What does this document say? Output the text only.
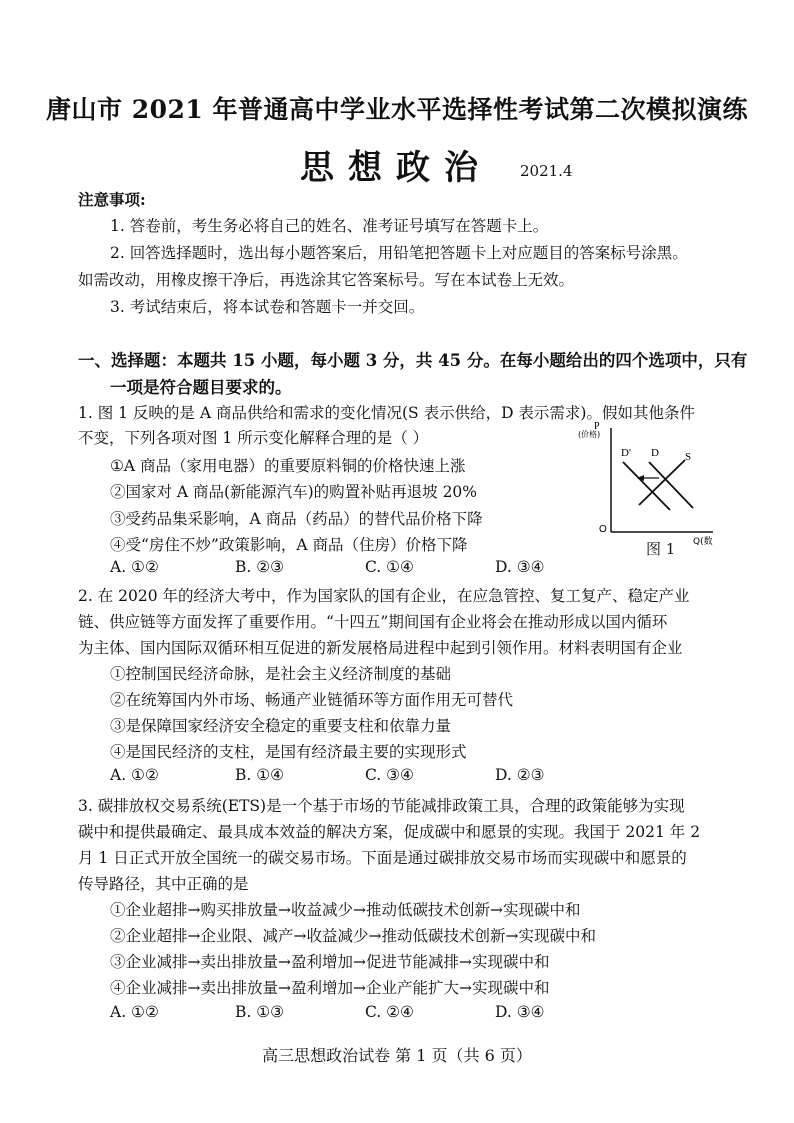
唐山市 2021 年普通高中学业水平选择性考试第二次模拟演练
思想政治 2021.4
注意事项:
1. 答卷前，考生务必将自己的姓名、准考证号填写在答题卡上。
2. 回答选择题时，选出每小题答案后，用铅笔把答题卡上对应题目的答案标号涂黑。
如需改动，用橡皮擦干净后，再选涂其它答案标号。写在本试卷上无效。
3. 考试结束后，将本试卷和答题卡一并交回。
一、选择题：本题共 15 小题，每小题 3 分，共 45 分。在每小题给出的四个选项中，只有
一项是符合题目要求的。
1. 图 1 反映的是 A 商品供给和需求的变化情况(S 表示供给，D 表示需求)。假如其他条件
不变，下列各项对图 1 所示变化解释合理的是（ ）
①A 商品（家用电器）的重要原料铜的价格快速上涨
②国家对 A 商品(新能源汽车)的购置补贴再退坡 20%
③受药品集采影响，A 商品（药品）的替代品价格下降
④受“房住不炒”政策影响，A 商品（住房）价格下降
A. ①②	B. ②③	C. ①④	D. ③④
P
(价格)
Q(数
O
D' D S
图 1
2. 在 2020 年的经济大考中，作为国家队的国有企业，在应急管控、复工复产、稳定产业
链、供应链等方面发挥了重要作用。“十四五”期间国有企业将会在推动形成以国内循环
为主体、国内国际双循环相互促进的新发展格局进程中起到引领作用。材料表明国有企业
①控制国民经济命脉，是社会主义经济制度的基础
②在统筹国内外市场、畅通产业链循环等方面作用无可替代
③是保障国家经济安全稳定的重要支柱和依靠力量
④是国民经济的支柱，是国有经济最主要的实现形式
A. ①②	B. ①④	C. ③④	D. ②③
3. 碳排放权交易系统(ETS)是一个基于市场的节能减排政策工具，合理的政策能够为实现
碳中和提供最确定、最具成本效益的解决方案，促成碳中和愿景的实现。我国于 2021 年 2
月 1 日正式开放全国统一的碳交易市场。下面是通过碳排放交易市场而实现碳中和愿景的
传导路径，其中正确的是
①企业超排→购买排放量→收益减少→推动低碳技术创新→实现碳中和
②企业超排→企业限、减产→收益减少→推动低碳技术创新→实现碳中和
③企业减排→卖出排放量→盈利增加→促进节能减排→实现碳中和
④企业减排→卖出排放量→盈利增加→企业产能扩大→实现碳中和
A. ①②	B. ①③	C. ②④	D. ③④
高三思想政治试卷 第 1 页（共 6 页）
